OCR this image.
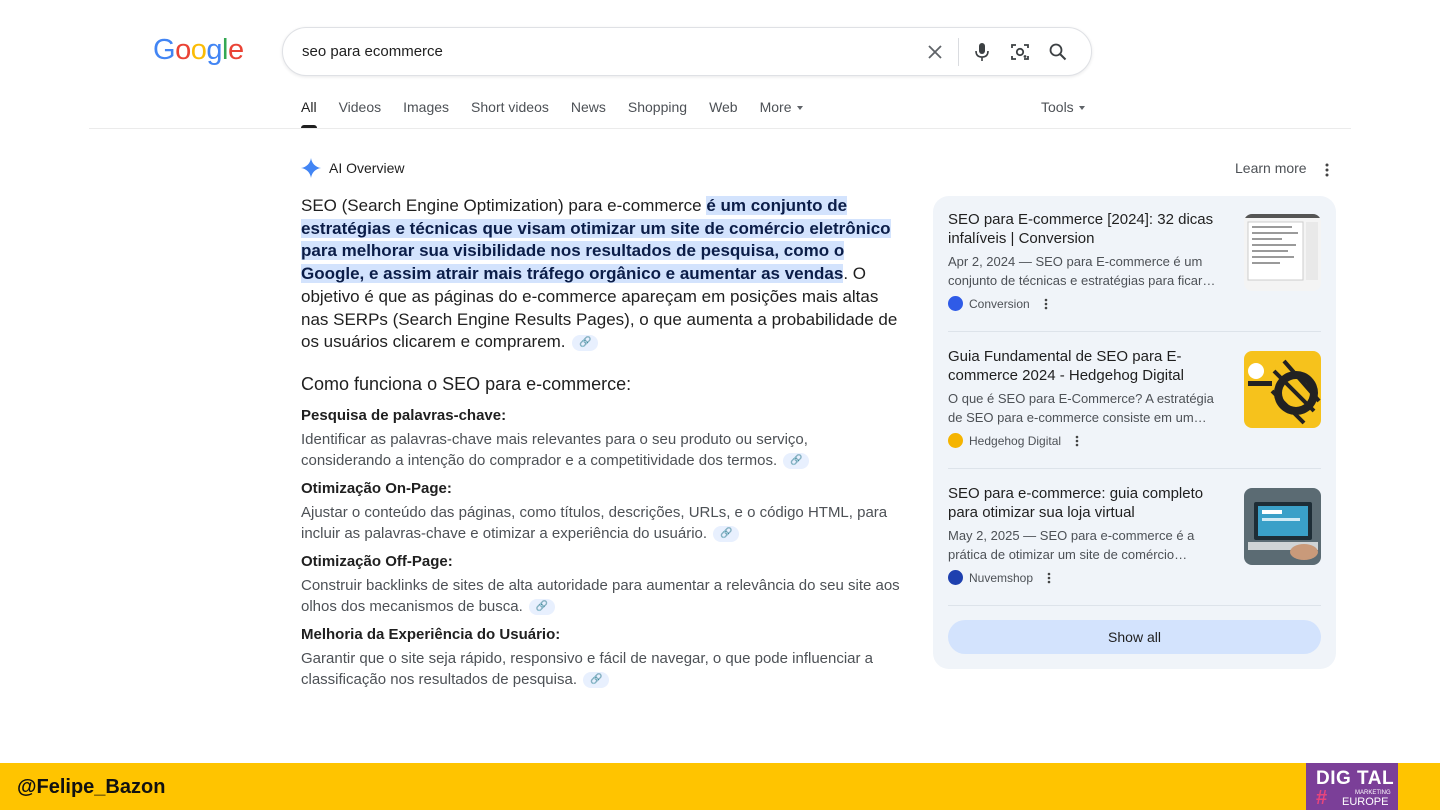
Google
seo para ecommerce
All Videos Images Short videos News Shopping Web More	Tools
AI Overview	Learn more
SEO (Search Engine Optimization) para e-commerce é um conjunto de estratégias e técnicas que visam otimizar um site de comércio eletrônico para melhorar sua visibilidade nos resultados de pesquisa, como o Google, e assim atrair mais tráfego orgânico e aumentar as vendas. O objetivo é que as páginas do e-commerce apareçam em posições mais altas nas SERPs (Search Engine Results Pages), o que aumenta a probabilidade de os usuários clicarem e comprarem. 🔗
Como funciona o SEO para e-commerce:
Pesquisa de palavras-chave:
Identificar as palavras-chave mais relevantes para o seu produto ou serviço, considerando a intenção do comprador e a competitividade dos termos. 🔗
Otimização On-Page:
Ajustar o conteúdo das páginas, como títulos, descrições, URLs, e o código HTML, para incluir as palavras-chave e otimizar a experiência do usuário. 🔗
Otimização Off-Page:
Construir backlinks de sites de alta autoridade para aumentar a relevância do seu site aos olhos dos mecanismos de busca. 🔗
Melhoria da Experiência do Usuário:
Garantir que o site seja rápido, responsivo e fácil de navegar, o que pode influenciar a classificação nos resultados de pesquisa. 🔗
Show all
SEO para E-commerce [2024]: 32 dicas infalíveis | Conversion
Apr 2, 2024 — SEO para E-commerce é um conjunto de técnicas e estratégias para ficar…
Conversion
Guia Fundamental de SEO para E-commerce 2024 - Hedgehog Digital
O que é SEO para E-Commerce? A estratégia de SEO para e-commerce consiste em um…
Hedgehog Digital
SEO para e-commerce: guia completo para otimizar sua loja virtual
May 2, 2025 — SEO para e-commerce é a prática de otimizar um site de comércio…
Nuvemshop
@Felipe_Bazon	DIG TAL
#	MARKETING
EUROPE
